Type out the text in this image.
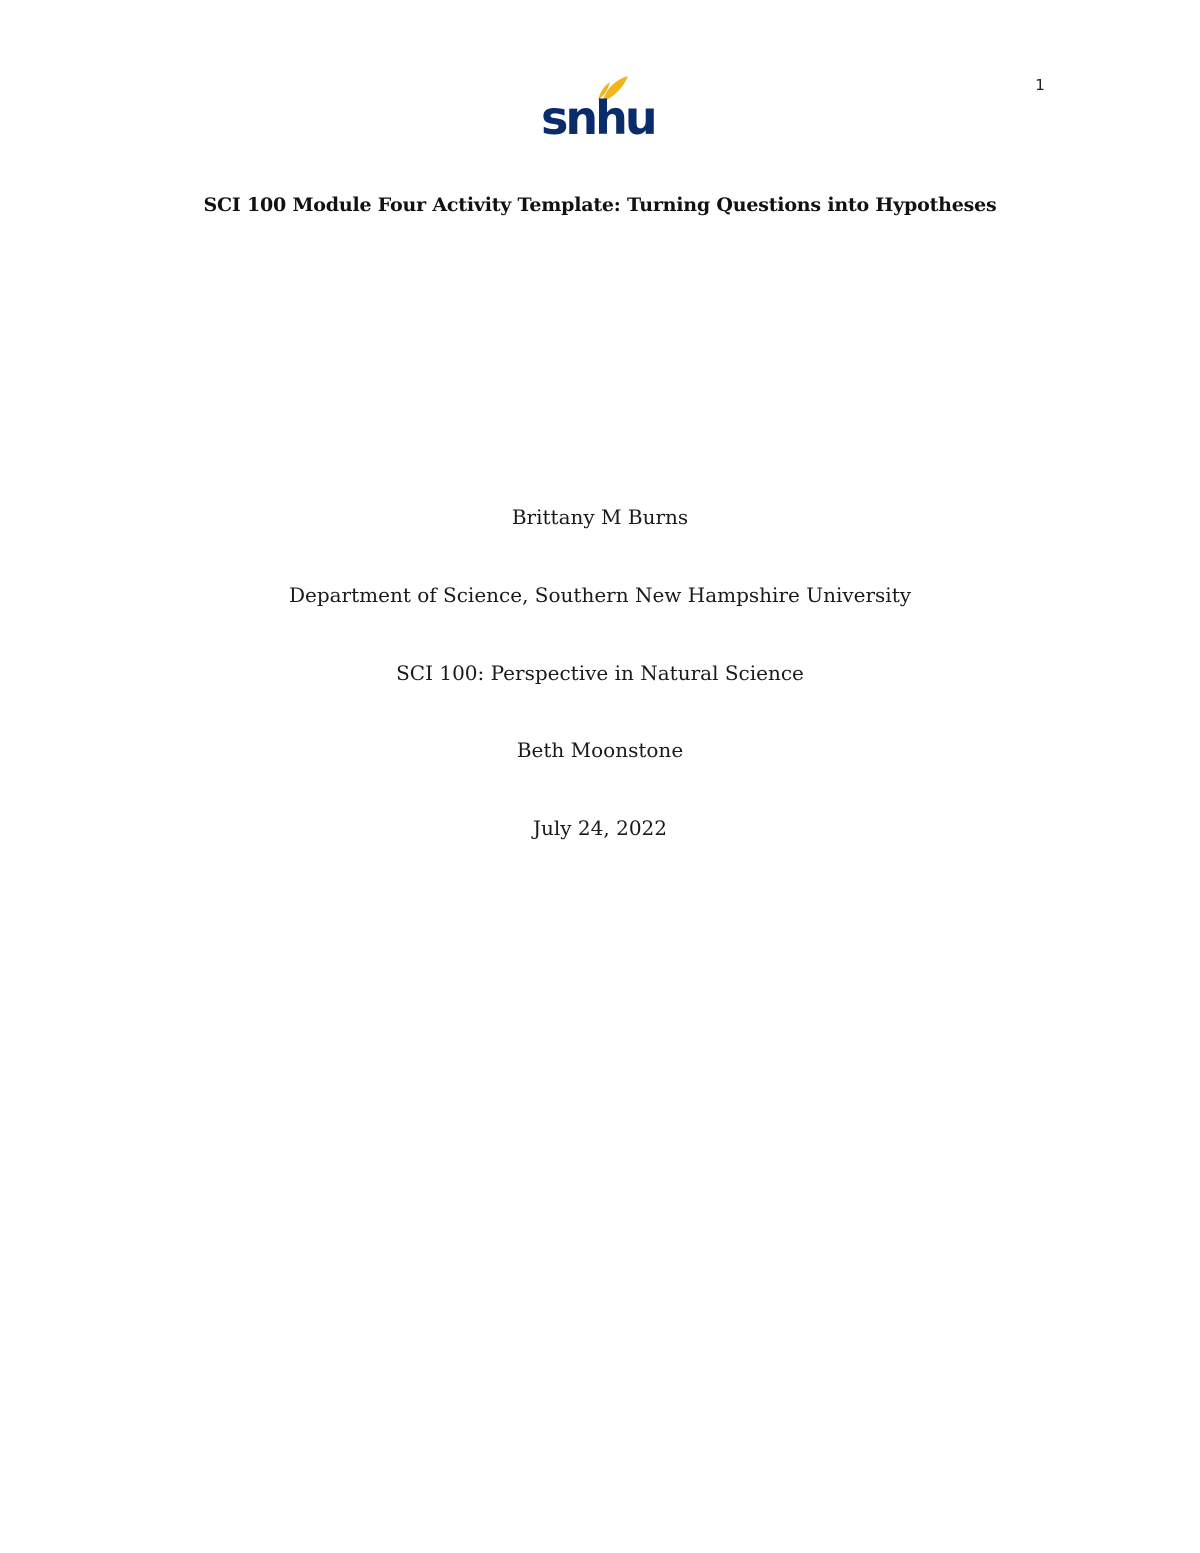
1
snhu
SCI 100 Module Four Activity Template: Turning Questions into Hypotheses
Brittany M Burns
Department of Science, Southern New Hampshire University
SCI 100: Perspective in Natural Science
Beth Moonstone
July 24, 2022
